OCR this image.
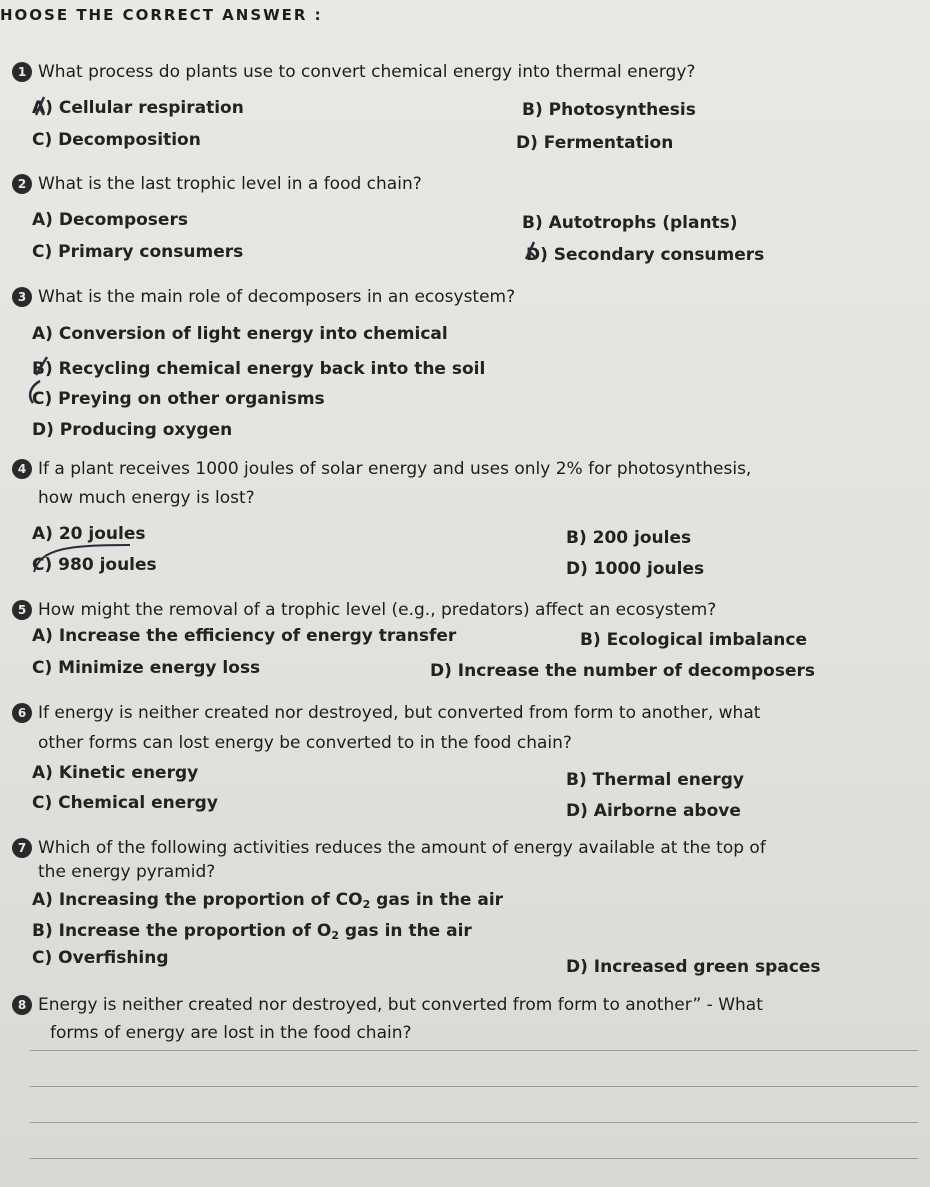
HOOSE THE CORRECT ANSWER :
1 What process do plants use to convert chemical energy into thermal energy?
A) Cellular respiration	B) Photosynthesis
C) Decomposition	D) Fermentation
2 What is the last trophic level in a food chain?
A) Decomposers	B) Autotrophs (plants)
C) Primary consumers	D) Secondary consumers
3 What is the main role of decomposers in an ecosystem?
A) Conversion of light energy into chemical
B) Recycling chemical energy back into the soil
C) Preying on other organisms
D) Producing oxygen
4 If a plant receives 1000 joules of solar energy and uses only 2% for photosynthesis,
how much energy is lost?
A) 20 joules	B) 200 joules
C) 980 joules	D) 1000 joules
5 How might the removal of a trophic level (e.g., predators) affect an ecosystem?
A) Increase the efficiency of energy transfer	B) Ecological imbalance
C) Minimize energy loss	D) Increase the number of decomposers
6 If energy is neither created nor destroyed, but converted from form to another, what
other forms can lost energy be converted to in the food chain?
A) Kinetic energy	B) Thermal energy
C) Chemical energy	D) Airborne above
7 Which of the following activities reduces the amount of energy available at the top of
the energy pyramid?
A) Increasing the proportion of $CO_2$ gas in the air
B) Increase the proportion of $O_2$ gas in the air
C) Overfishing	D) Increased green spaces
8 Energy is neither created nor destroyed, but converted from form to another” - What
forms of energy are lost in the food chain?
